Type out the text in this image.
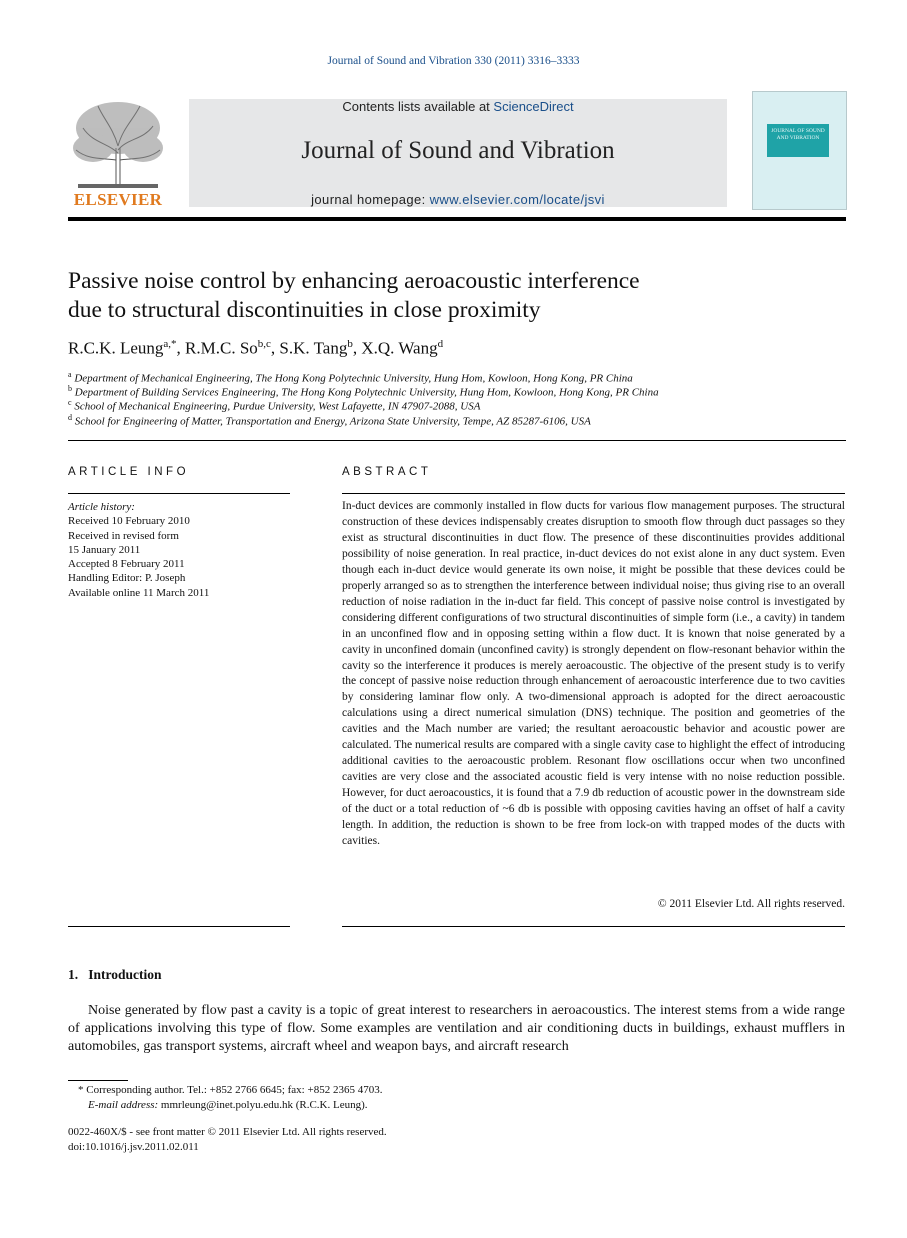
Journal of Sound and Vibration 330 (2011) 3316–3333
ELSEVIER
Contents lists available at ScienceDirect
Journal of Sound and Vibration
journal homepage: www.elsevier.com/locate/jsvi
JOURNAL OF SOUND AND VIBRATION
Passive noise control by enhancing aeroacoustic interference
due to structural discontinuities in close proximity
R.C.K. Leung$^{a,*}$, R.M.C. So$^{b,c}$, S.K. Tang$^b$, X.Q. Wang$^d$
$^a$ Department of Mechanical Engineering, The Hong Kong Polytechnic University, Hung Hom, Kowloon, Hong Kong, PR China
$^b$ Department of Building Services Engineering, The Hong Kong Polytechnic University, Hung Hom, Kowloon, Hong Kong, PR China
$^c$ School of Mechanical Engineering, Purdue University, West Lafayette, IN 47907-2088, USA
$^d$ School for Engineering of Matter, Transportation and Energy, Arizona State University, Tempe, AZ 85287-6106, USA
ARTICLE INFO
Article history:
Received 10 February 2010
Received in revised form
15 January 2011
Accepted 8 February 2011
Handling Editor: P. Joseph
Available online 11 March 2011
ABSTRACT
In-duct devices are commonly installed in flow ducts for various flow management purposes. The structural construction of these devices indispensably creates disruption to smooth flow through duct passages so they exist as structural discontinuities in duct flow. The presence of these discontinuities provides additional possibility of noise generation. In real practice, in-duct devices do not exist alone in any duct system. Even though each in-duct device would generate its own noise, it might be possible that these devices could be properly arranged so as to strengthen the interference between individual noise; thus giving rise to an overall reduction of noise radiation in the in-duct far field. This concept of passive noise control is investigated by considering different configurations of two structural discontinuities of simple form (i.e., a cavity) in tandem in an unconfined flow and in opposing setting within a flow duct. It is known that noise generated by a cavity in unconfined domain (unconfined cavity) is strongly dependent on flow-resonant behavior within the cavity so the interference it produces is merely aeroacoustic. The objective of the present study is to verify the concept of passive noise reduction through enhancement of aeroacoustic interference due to two cavities by considering laminar flow only. A two-dimensional approach is adopted for the direct aeroacoustic calculations using a direct numerical simulation (DNS) technique. The position and geometries of the cavities and the Mach number are varied; the resultant aeroacoustic behavior and acoustic power are calculated. The numerical results are compared with a single cavity case to highlight the effect of introducing additional cavities to the aeroacoustic problem. Resonant flow oscillations occur when two unconfined cavities are very close and the associated acoustic field is very intense with no noise reduction possible. However, for duct aeroacoustics, it is found that a 7.9 db reduction of acoustic power in the downstream side of the duct or a total reduction of ~6 db is possible with opposing cavities having an offset of half a cavity length. In addition, the reduction is shown to be free from lock-on with trapped modes of the ducts with cavities.
© 2011 Elsevier Ltd. All rights reserved.
1.   Introduction
Noise generated by flow past a cavity is a topic of great interest to researchers in aeroacoustics. The interest stems from a wide range of applications involving this type of flow. Some examples are ventilation and air conditioning ducts in buildings, exhaust mufflers in automobiles, gas transport systems, aircraft wheel and weapon bays, and aircraft research
* Corresponding author. Tel.: +852 2766 6645; fax: +852 2365 4703.
E-mail address: mmrleung@inet.polyu.edu.hk (R.C.K. Leung).
0022-460X/$ - see front matter © 2011 Elsevier Ltd. All rights reserved.
doi:10.1016/j.jsv.2011.02.011
